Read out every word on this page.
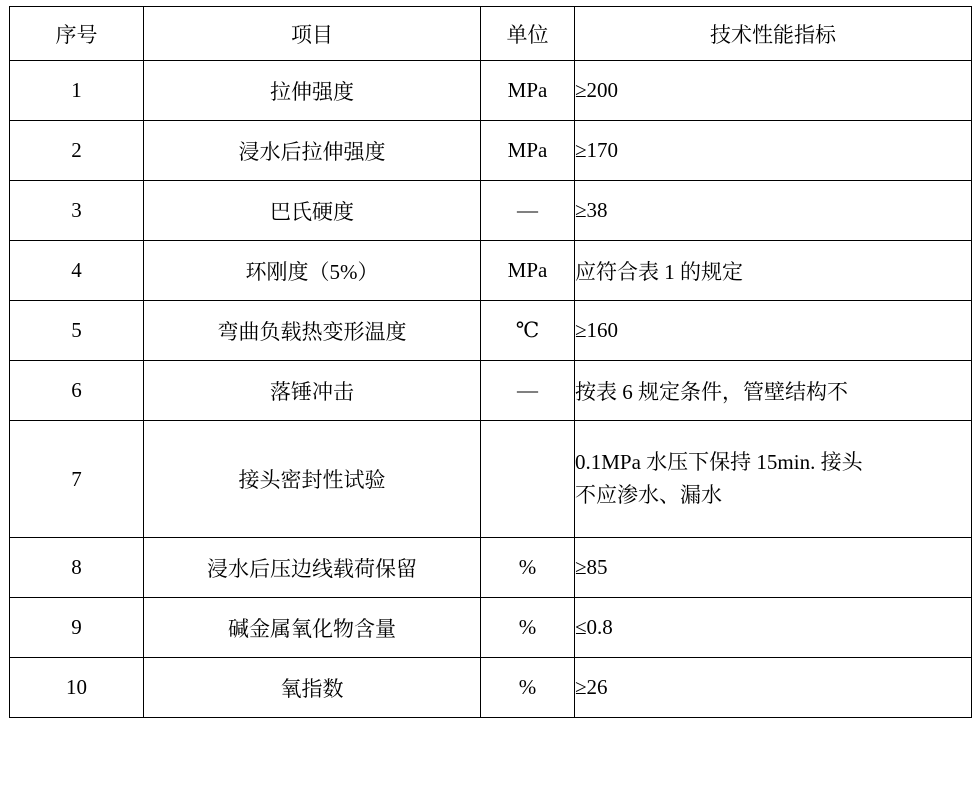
序号	项目	单位	技术性能指标
1	拉伸强度	MPa	≥200
2	浸水后拉伸强度	MPa	≥170
3	巴氏硬度	—	≥38
4	环刚度（5%）	MPa	应符合表 1 的规定
5	弯曲负载热变形温度	℃	≥160
6	落锤冲击	—	按表 6 规定条件，管壁结构不
7	接头密封性试验		0.1MPa 水压下保持 15min. 接头
不应渗水、漏水

8	浸水后压边线载荷保留	%	≥85
9	碱金属氧化物含量	%	≤0.8
10	氧指数	%	≥26
